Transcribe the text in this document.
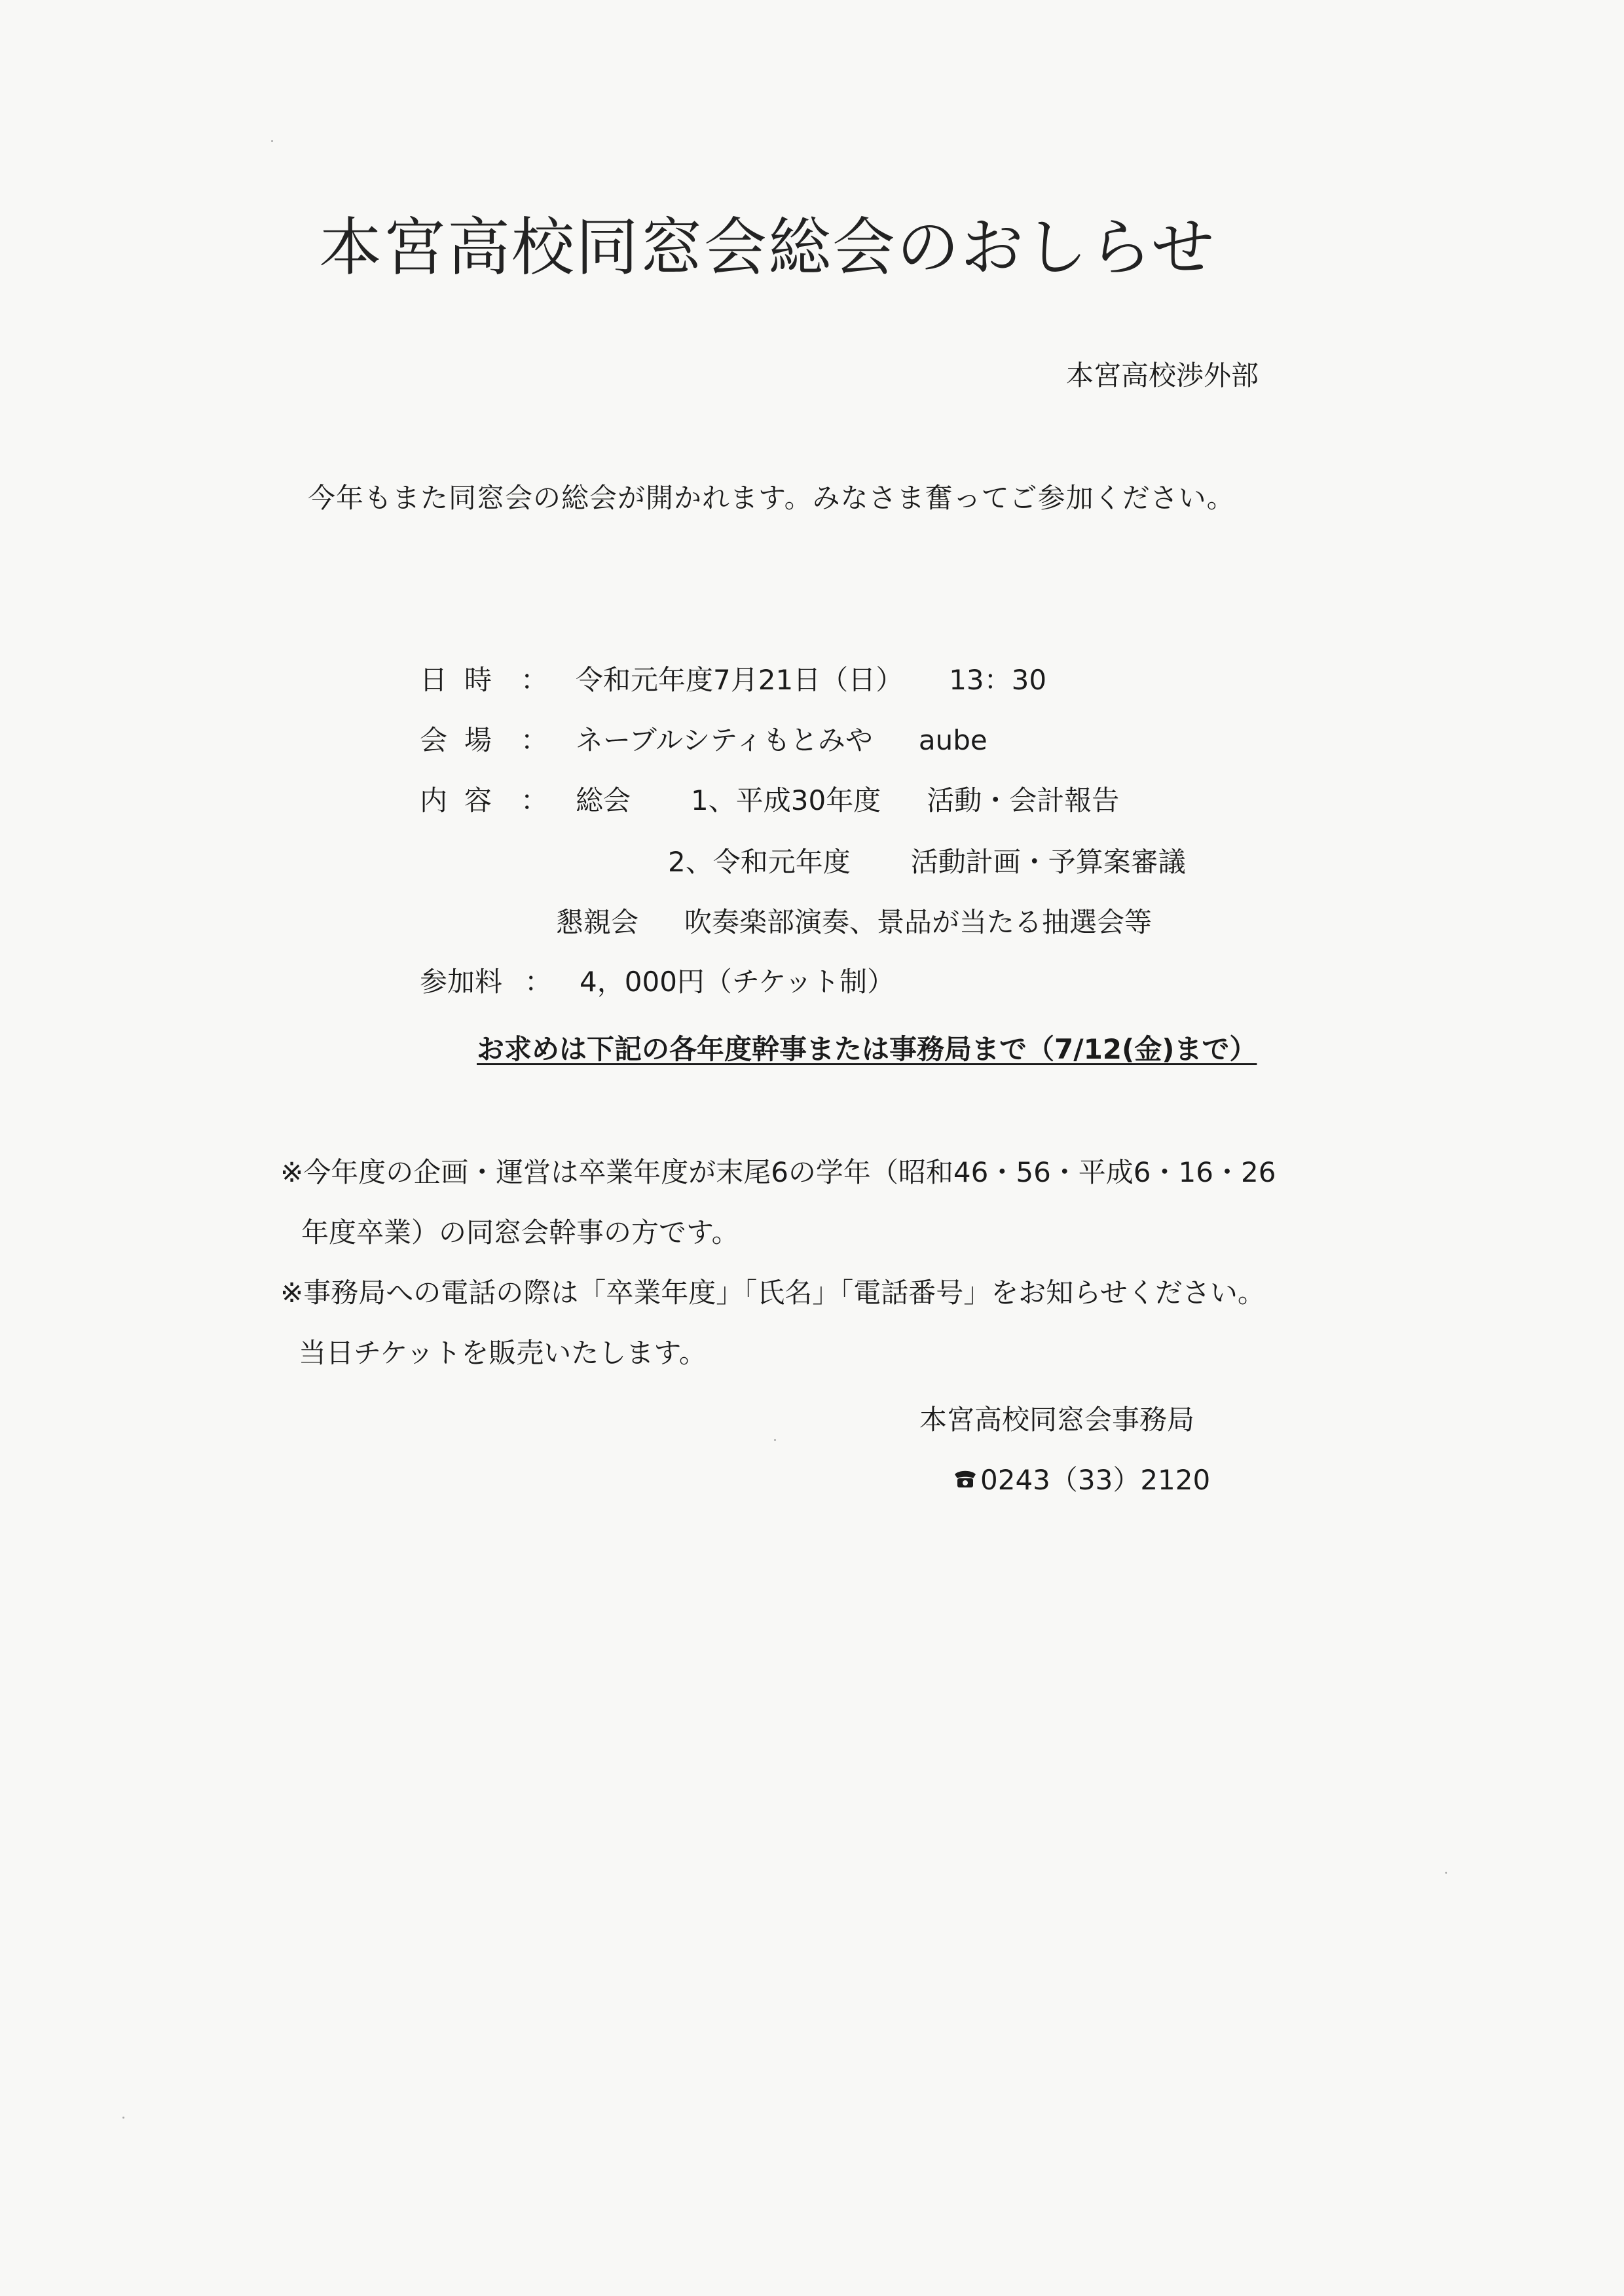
本宮高校同窓会総会のおしらせ
本宮高校渉外部
今年もまた同窓会の総会が開かれます。みなさま奮ってご参加ください。
日時 ： 令和元年度7月21日（日） 13：30
会場 ： ネーブルシティもとみや aube
内容 ： 総会 1、平成30年度 活動・会計報告
2、令和元年度 活動計画・予算案審議
懇親会 吹奏楽部演奏、景品が当たる抽選会等
参加料 ： 4，000円（チケット制）
お求めは下記の各年度幹事または事務局まで（7/12(金)まで）
※今年度の企画・運営は卒業年度が末尾6の学年（昭和46・56・平成6・16・26
年度卒業）の同窓会幹事の方です。
※事務局への電話の際は「卒業年度」「氏名」「電話番号」をお知らせください。
当日チケットを販売いたします。
本宮高校同窓会事務局
0243（33）2120
